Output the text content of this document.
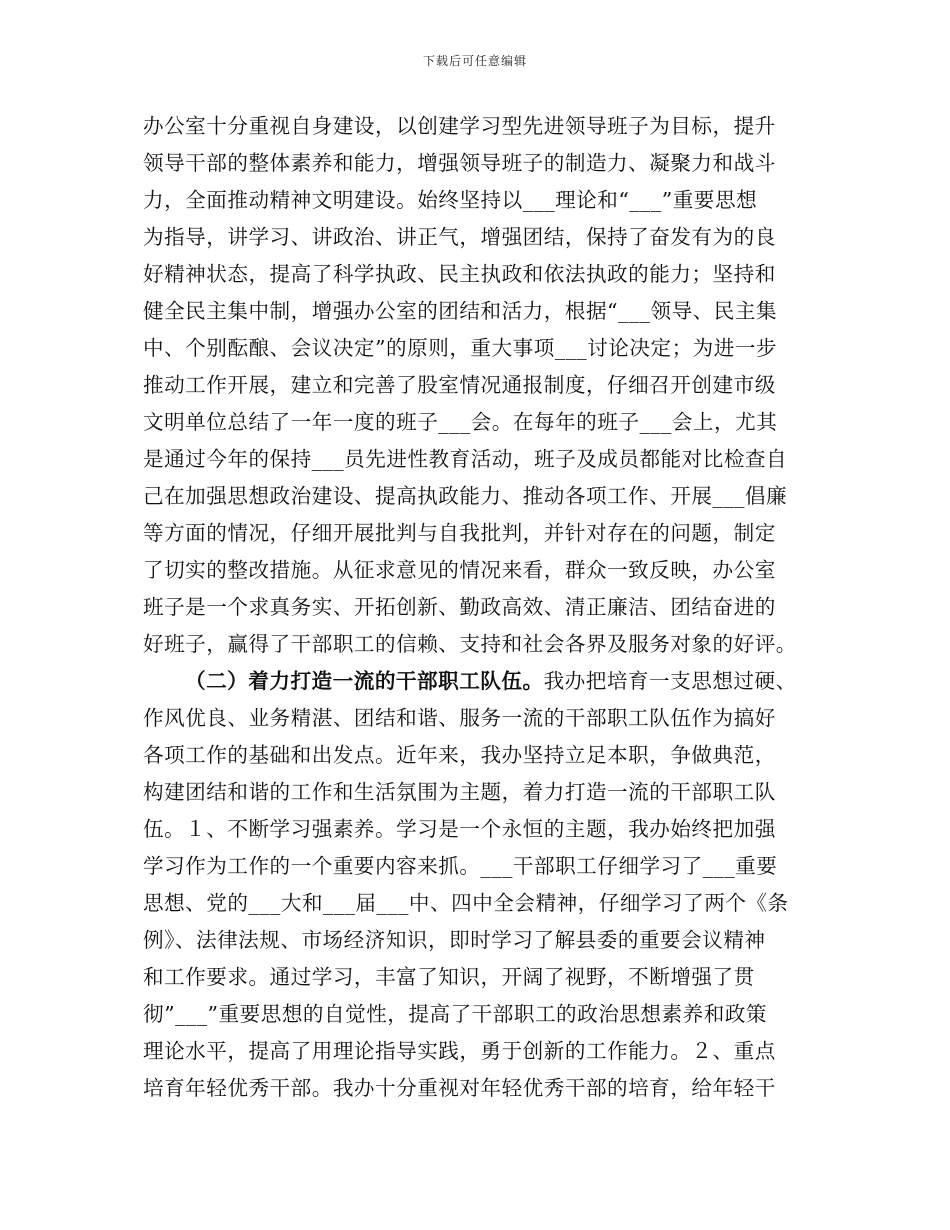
下载后可任意编辑
办公室十分重视自身建设，以创建学习型先进领导班子为目标，提升
领导干部的整体素养和能力，增强领导班子的制造力、凝聚力和战斗
力，全面推动精神文明建设。始终坚持以___理论和“___”重要思想
为指导，讲学习、讲政治、讲正气，增强团结，保持了奋发有为的良
好精神状态，提高了科学执政、民主执政和依法执政的能力；坚持和
健全民主集中制，增强办公室的团结和活力，根据“___领导、民主集
中、个别酝酿、会议决定”的原则，重大事项___讨论决定；为进一步
推动工作开展，建立和完善了股室情况通报制度，仔细召开创建市级
文明单位总结了一年一度的班子___会。在每年的班子___会上，尤其
是通过今年的保持___员先进性教育活动，班子及成员都能对比检查自
己在加强思想政治建设、提高执政能力、推动各项工作、开展___倡廉
等方面的情况，仔细开展批判与自我批判，并针对存在的问题，制定
了切实的整改措施。从征求意见的情况来看，群众一致反映，办公室
班子是一个求真务实、开拓创新、勤政高效、清正廉洁、团结奋进的
好班子，赢得了干部职工的信赖、支持和社会各界及服务对象的好评。
（二）着力打造一流的干部职工队伍。我办把培育一支思想过硬、
作风优良、业务精湛、团结和谐、服务一流的干部职工队伍作为搞好
各项工作的基础和出发点。近年来，我办坚持立足本职，争做典范，
构建团结和谐的工作和生活氛围为主题，着力打造一流的干部职工队
伍。１、不断学习强素养。学习是一个永恒的主题，我办始终把加强
学习作为工作的一个重要内容来抓。___干部职工仔细学习了___重要
思想、党的___大和___届___中、四中全会精神，仔细学习了两个《条
例》、法律法规、市场经济知识，即时学习了解县委的重要会议精神
和工作要求。通过学习，丰富了知识，开阔了视野，不断增强了贯
彻”___”重要思想的自觉性，提高了干部职工的政治思想素养和政策
理论水平，提高了用理论指导实践，勇于创新的工作能力。２、重点
培育年轻优秀干部。我办十分重视对年轻优秀干部的培育，给年轻干
